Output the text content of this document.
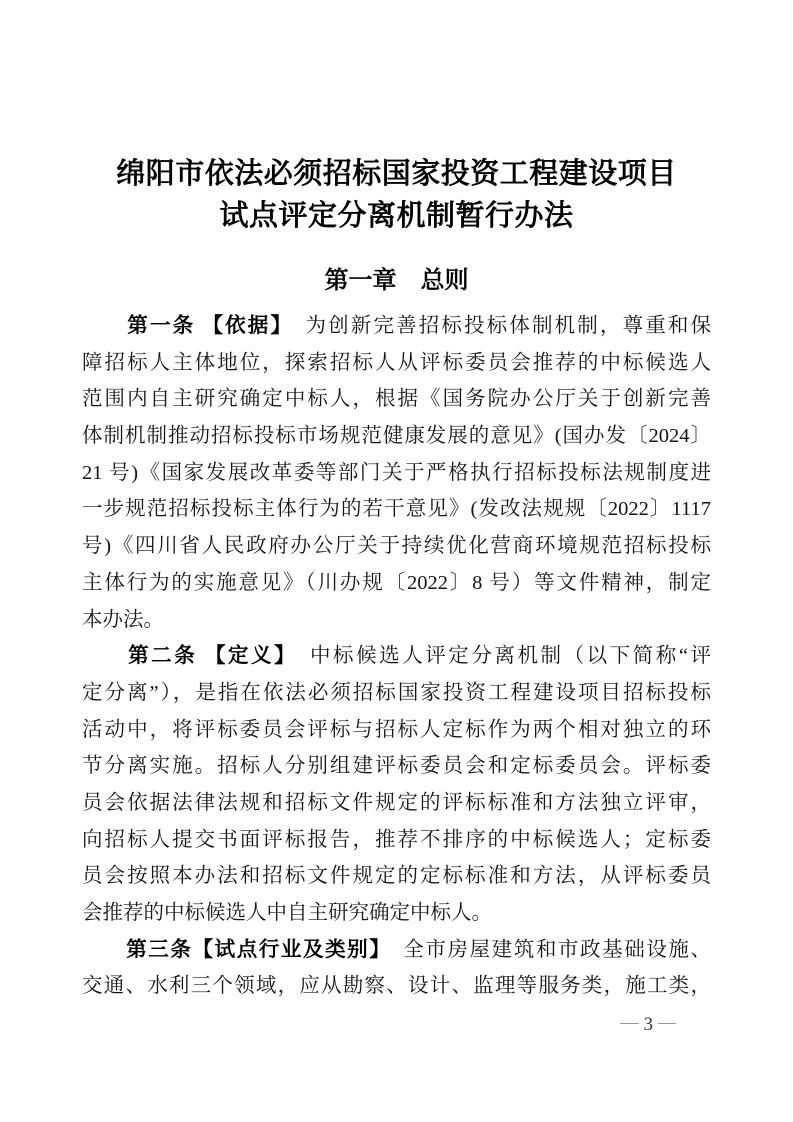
绵阳市依法必须招标国家投资工程建设项目
试点评定分离机制暂行办法
第一章　总则
　　第一条 【依据】　为创新完善招标投标体制机制，尊重和保
障招标人主体地位，探索招标人从评标委员会推荐的中标候选人
范围内自主研究确定中标人，根据《国务院办公厅关于创新完善
体制机制推动招标投标市场规范健康发展的意见》(国办发〔2024〕
21 号)《国家发展改革委等部门关于严格执行招标投标法规制度进
一步规范招标投标主体行为的若干意见》(发改法规规〔2022〕1117
号)《四川省人民政府办公厅关于持续优化营商环境规范招标投标
主体行为的实施意见》（川办规〔2022〕8 号）等文件精神，制定
本办法。
　　第二条 【定义】　中标候选人评定分离机制（以下简称“评
定分离”），是指在依法必须招标国家投资工程建设项目招标投标
活动中，将评标委员会评标与招标人定标作为两个相对独立的环
节分离实施。招标人分别组建评标委员会和定标委员会。评标委
员会依据法律法规和招标文件规定的评标标准和方法独立评审，
向招标人提交书面评标报告，推荐不排序的中标候选人；定标委
员会按照本办法和招标文件规定的定标标准和方法，从评标委员
会推荐的中标候选人中自主研究确定中标人。
　　第三条【试点行业及类别】　全市房屋建筑和市政基础设施、
交通、水利三个领域，应从勘察、设计、监理等服务类，施工类，
— 3 —
